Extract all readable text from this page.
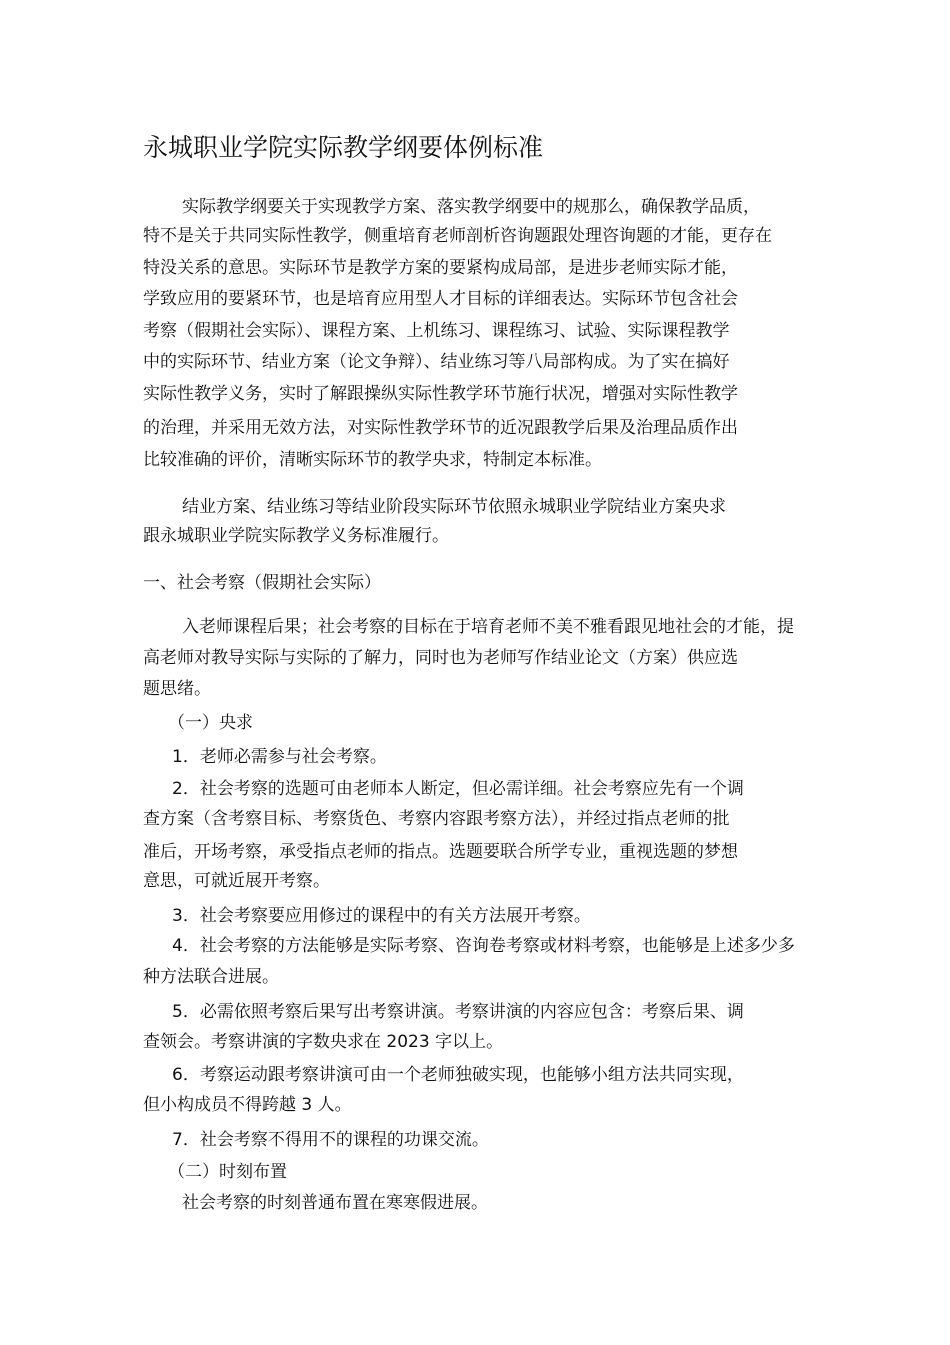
永城职业学院实际教学纲要体例标准
实际教学纲要关于实现教学方案、落实教学纲要中的规那么，确保教学品质，
特不是关于共同实际性教学，侧重培育老师剖析咨询题跟处理咨询题的才能，更存在
特没关系的意思。实际环节是教学方案的要紧构成局部，是进步老师实际才能，
学致应用的要紧环节，也是培育应用型人才目标的详细表达。实际环节包含社会
考察（假期社会实际）、课程方案、上机练习、课程练习、试验、实际课程教学
中的实际环节、结业方案（论文争辩）、结业练习等八局部构成。为了实在搞好
实际性教学义务，实时了解跟操纵实际性教学环节施行状况，增强对实际性教学
的治理，并采用无效方法，对实际性教学环节的近况跟教学后果及治理品质作出
比较准确的评价，清晰实际环节的教学央求，特制定本标准。
结业方案、结业练习等结业阶段实际环节依照永城职业学院结业方案央求
跟永城职业学院实际教学义务标准履行。
一、社会考察（假期社会实际）
入老师课程后果；社会考察的目标在于培育老师不美不雅看跟见地社会的才能，提
高老师对教导实际与实际的了解力，同时也为老师写作结业论文（方案）供应选
题思绪。
（一）央求
1．老师必需参与社会考察。
2．社会考察的选题可由老师本人断定，但必需详细。社会考察应先有一个调
查方案（含考察目标、考察货色、考察内容跟考察方法），并经过指点老师的批
准后，开场考察，承受指点老师的指点。选题要联合所学专业，重视选题的梦想
意思，可就近展开考察。
3．社会考察要应用修过的课程中的有关方法展开考察。
4．社会考察的方法能够是实际考察、咨询卷考察或材料考察，也能够是上述多少多
种方法联合进展。
5．必需依照考察后果写出考察讲演。考察讲演的内容应包含：考察后果、调
查领会。考察讲演的字数央求在 2023 字以上。
6．考察运动跟考察讲演可由一个老师独破实现，也能够小组方法共同实现，
但小构成员不得跨越 3 人。
7．社会考察不得用不的课程的功课交流。
（二）时刻布置
社会考察的时刻普通布置在寒寒假进展。
